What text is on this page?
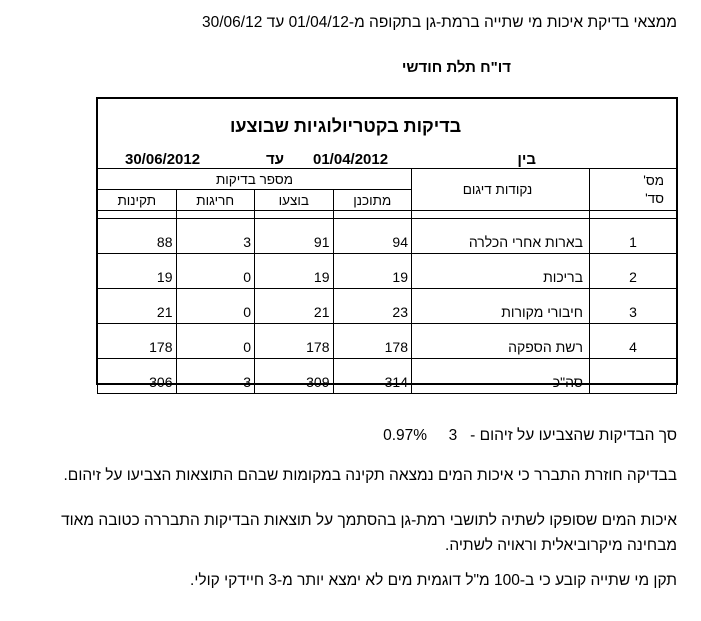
ממצאי בדיקת איכות מי שתייה ברמת-גן בתקופה מ-01/04/12 עד 30/06/12
דו"ח תלת חודשי
בדיקות בקטריולוגיות שבוצעו
בין
01/04/2012
עד
30/06/2012
מס'
סד'	נקודות דיגום	מספר בדיקות			
		מתוכנן	בוצעו	חריגות	תקינות

1	בארות אחרי הכלרה	94	91	3	88
2	בריכות	19	19	0	19
3	חיבורי מקורות	23	21	0	21
4	רשת הספקה	178	178	0	178
	סה"כ	314	309	3	306
סך הבדיקות שהצביעו על זיהום -   3     0.97%
בבדיקה חוזרת התברר כי איכות המים נמצאה תקינה במקומות שבהם התוצאות הצביעו על זיהום.
איכות המים שסופקו לשתיה לתושבי רמת-גן בהסתמך על תוצאות הבדיקות התבררה כטובה מאוד מבחינה מיקרוביאלית וראויה לשתיה.
תקן מי שתייה קובע כי ב-100 מ"ל דוגמית מים לא ימצא יותר מ-3 חיידקי קולי.
